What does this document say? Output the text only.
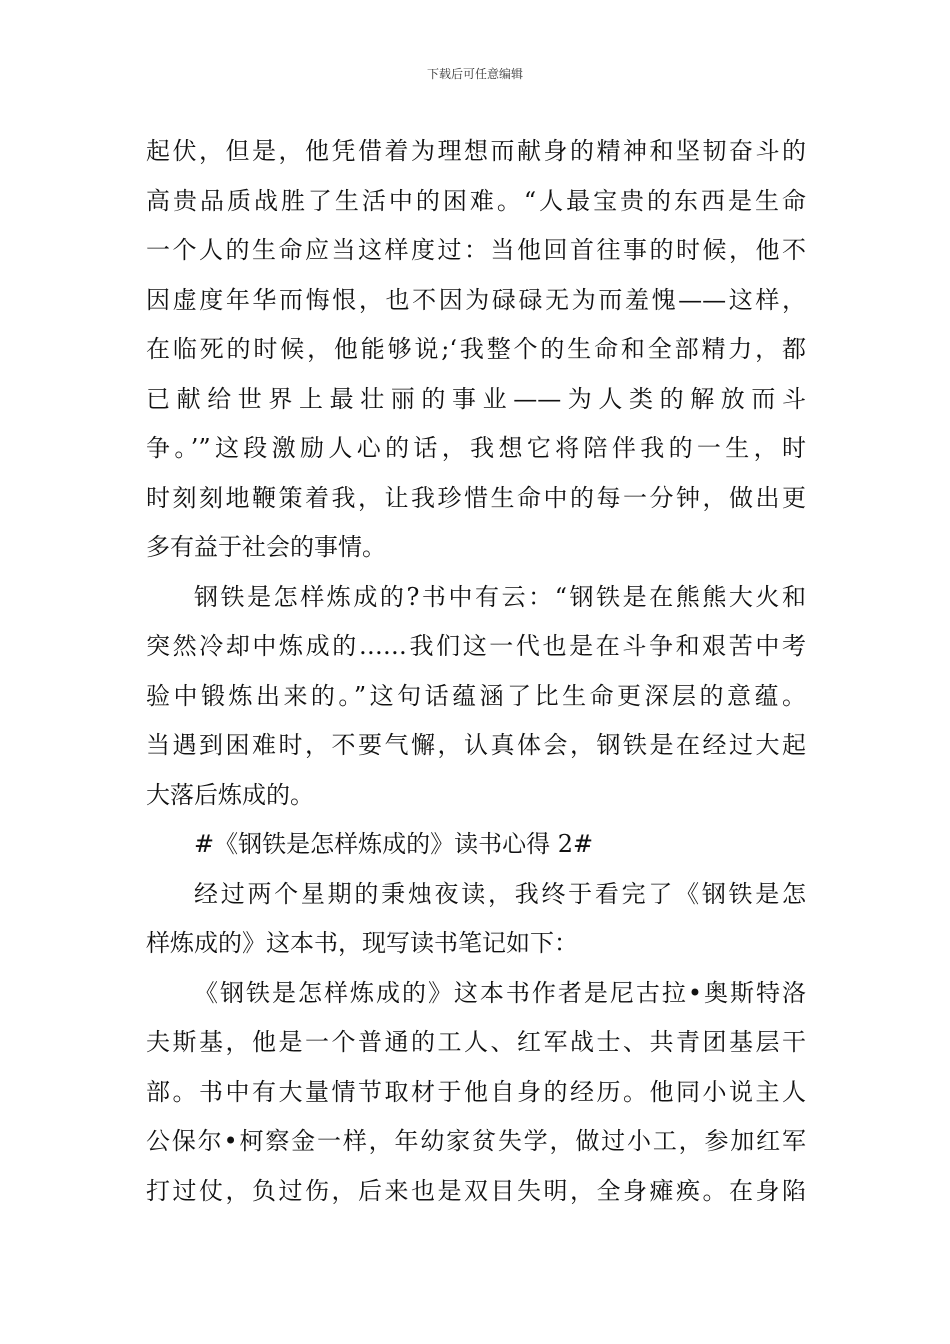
下载后可任意编辑
起伏，但是，他凭借着为理想而献身的精神和坚韧奋斗的
高贵品质战胜了生活中的困难。“人最宝贵的东西是生命
一个人的生命应当这样度过：当他回首往事的时候，他不
因虚度年华而悔恨，也不因为碌碌无为而羞愧——这样，
在临死的时候，他能够说;‘我整个的生命和全部精力，都
已献给世界上最壮丽的事业——为人类的解放而斗
争。’”这段激励人心的话，我想它将陪伴我的一生，时
时刻刻地鞭策着我，让我珍惜生命中的每一分钟，做出更
多有益于社会的事情。
钢铁是怎样炼成的?书中有云：“钢铁是在熊熊大火和
突然冷却中炼成的……我们这一代也是在斗争和艰苦中考
验中锻炼出来的。”这句话蕴涵了比生命更深层的意蕴。
当遇到困难时，不要气懈，认真体会，钢铁是在经过大起
大落后炼成的。
#《钢铁是怎样炼成的》读书心得 2#
经过两个星期的秉烛夜读，我终于看完了《钢铁是怎
样炼成的》这本书，现写读书笔记如下：
《钢铁是怎样炼成的》这本书作者是尼古拉•奥斯特洛
夫斯基，他是一个普通的工人、红军战士、共青团基层干
部。书中有大量情节取材于他自身的经历。他同小说主人
公保尔•柯察金一样，年幼家贫失学，做过小工，参加红军
打过仗，负过伤，后来也是双目失明，全身瘫痪。在身陷
